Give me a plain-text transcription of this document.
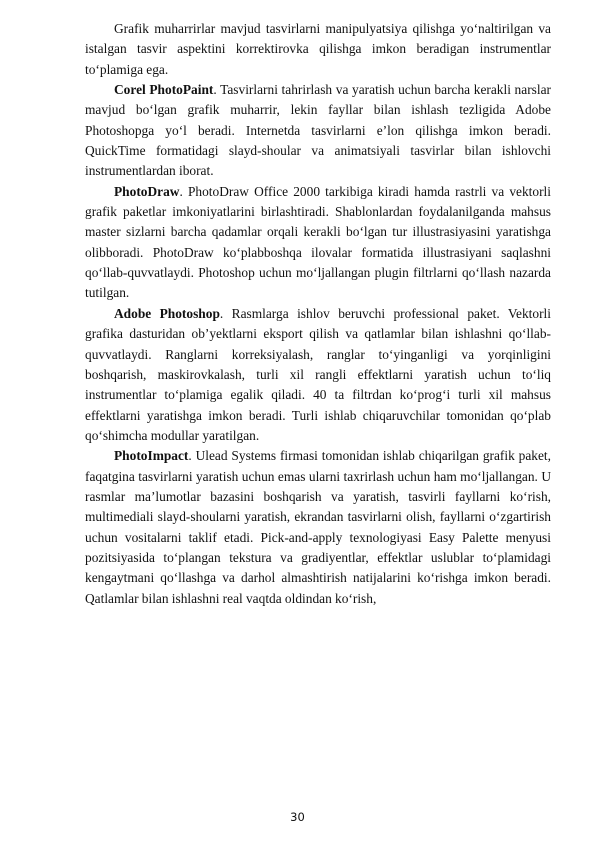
Grafik muharrirlar mavjud tasvirlarni manipulyatsiya qilishga yo‘naltirilgan va istalgan tasvir aspektini korrektirovka qilishga imkon beradigan instrumentlar to‘plamiga ega.

Corel PhotoPaint. Tasvirlarni tahrirlash va yaratish uchun barcha kerakli narslar mavjud bo‘lgan grafik muharrir, lekin fayllar bilan ishlash tezligida Adobe Photoshopga yo‘l beradi. Internetda tasvirlarni e’lon qilishga imkon beradi. QuickTime formatidagi slayd-shoular va animatsiyali tasvirlar bilan ishlovchi instrumentlardan iborat.

PhotoDraw. PhotoDraw Office 2000 tarkibiga kiradi hamda rastrli va vektorli grafik paketlar imkoniyatlarini birlashtiradi. Shablonlardan foydalanilganda mahsus master sizlarni barcha qadamlar orqali kerakli bo‘lgan tur illustrasiyasini yaratishga olibboradi. PhotoDraw ko‘plabboshqa ilovalar formatida illustrasiyani saqlashni qo‘llab-quvvatlaydi. Photoshop uchun mo‘ljallangan plugin filtrlarni qo‘llash nazarda tutilgan.

Adobe Photoshop. Rasmlarga ishlov beruvchi professional paket. Vektorli grafika dasturidan ob’yektlarni eksport qilish va qatlamlar bilan ishlashni qo‘llab-quvvatlaydi. Ranglarni korreksiyalash, ranglar to‘yinganligi va yorqinligini boshqarish, maskirovkalash, turli xil rangli effektlarni yaratish uchun to‘liq instrumentlar to‘plamiga egalik qiladi. 40 ta filtrdan ko‘prog‘i turli xil mahsus effektlarni yaratishga imkon beradi. Turli ishlab chiqaruvchilar tomonidan qo‘plab qo‘shimcha modullar yaratilgan.

PhotoImpact. Ulead Systems firmasi tomonidan ishlab chiqarilgan grafik paket, faqatgina tasvirlarni yaratish uchun emas ularni taxrirlash uchun ham mo‘ljallangan. U rasmlar ma’lumotlar bazasini boshqarish va yaratish, tasvirli fayllarni ko‘rish, multimediali slayd-shoularni yaratish, ekrandan tasvirlarni olish, fayllarni o‘zgartirish uchun vositalarni taklif etadi. Pick-and-apply texnologiyasi Easy Palette menyusi pozitsiyasida to‘plangan tekstura va gradiyentlar, effektlar uslublar to‘plamidagi kengaytmani qo‘llashga va darhol almashtirish natijalarini ko‘rishga imkon beradi. Qatlamlar bilan ishlashni real vaqtda oldindan ko‘rish,

30
